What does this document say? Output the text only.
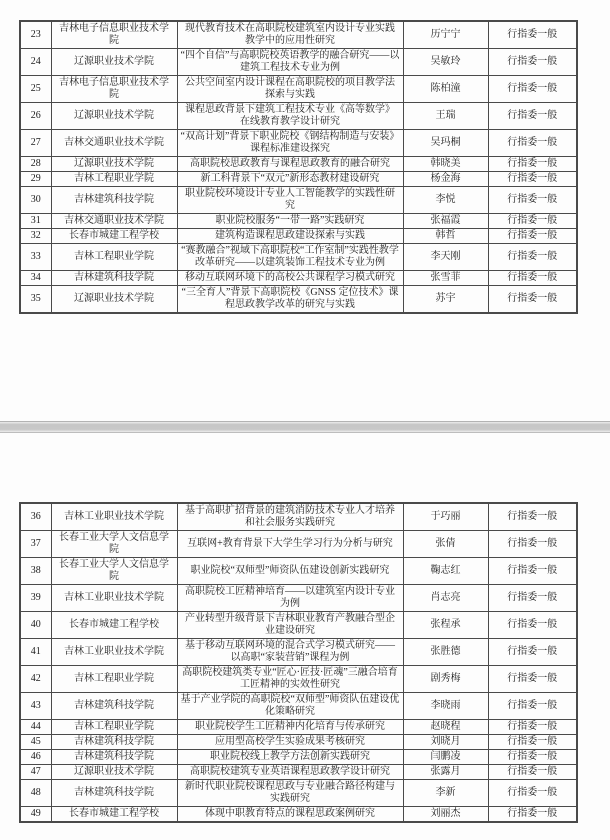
23	吉林电子信息职业技术学院	现代教育技术在高职院校建筑室内设计专业实践教学中的应用性研究	历宁宁	行指委一般
24	辽源职业技术学院	“四个自信”与高职院校英语教学的融合研究——以建筑工程技术专业为例	吴敏玲	行指委一般
25	吉林电子信息职业技术学院	公共空间室内设计课程在高职院校的项目教学法探索与实践	陈柏潼	行指委一般
26	辽源职业技术学院	课程思政背景下建筑工程技术专业《高等数学》在线教育教学设计研究	王瑞	行指委一般
27	吉林交通职业技术学院	“双高计划”背景下职业院校《钢结构制造与安装》课程标准建设探究	吴玛桐	行指委一般
28	辽源职业技术学院	高职院校思政教育与课程思政教育的融合研究	韩晓美	行指委一般
29	吉林工程职业学院	新工科背景下“双元”新形态教材建设研究	杨金海	行指委一般
30	吉林建筑科技学院	职业院校环境设计专业人工智能教学的实践性研究	李悦	行指委一般
31	吉林交通职业技术学院	职业院校服务“一带一路”实践研究	张福霞	行指委一般
32	长春市城建工程学校	建筑构造课程思政建设探索与实践	韩哲	行指委一般
33	吉林工程职业学院	“赛教融合”视域下高职院校“工作室制”实践性教学改革研究——以建筑装饰工程技术专业为例	李天刚	行指委一般
34	吉林建筑科技学院	移动互联网环境下的高校公共课程学习模式研究	张雪菲	行指委一般
35	辽源职业技术学院	“三全育人”背景下高职院校《GNSS 定位技术》课程思政教学改革的研究与实践	苏宇	行指委一般
36	吉林工业职业技术学院	基于高职扩招背景的建筑消防技术专业人才培养和社会服务实践研究	于巧丽	行指委一般
37	长春工业大学人文信息学院	互联网+教育背景下大学生学习行为分析与研究	张倩	行指委一般
38	长春工业大学人文信息学院	职业院校“双师型”师资队伍建设创新实践研究	鞠志红	行指委一般
39	吉林工业职业技术学院	高职院校工匠精神培育——以建筑室内设计专业为例	肖志亮	行指委一般
40	长春市城建工程学校	产业转型升级背景下吉林职业教育产教融合型企业建设研究	张程承	行指委一般
41	吉林工业职业技术学院	基于移动互联网环境的混合式学习模式研究——以高职“家装营销”课程为例	张胜德	行指委一般
42	吉林工程职业学院	高职院校建筑类专业“匠心·匠技·匠魂”三融合培育工匠精神的实效性研究	剧秀梅	行指委一般
43	吉林建筑科技学院	基于产业学院的高职院校“双师型”师资队伍建设优化策略研究	李晓雨	行指委一般
44	吉林工程职业学院	职业院校学生工匠精神内化培育与传承研究	赵晓程	行指委一般
45	吉林建筑科技学院	应用型高校学生实验成果考核研究	刘晓月	行指委一般
46	吉林建筑科技学院	职业院校线上教学方法创新实践研究	闫鹏凌	行指委一般
47	辽源职业技术学院	高职院校建筑专业英语课程思政教学设计研究	张露月	行指委一般
48	吉林建筑科技学院	新时代职业院校课程思政与专业融合路径构建与实践研究	李新	行指委一般
49	长春市城建工程学校	体现中职教育特点的课程思政案例研究	刘丽杰	行指委一般
